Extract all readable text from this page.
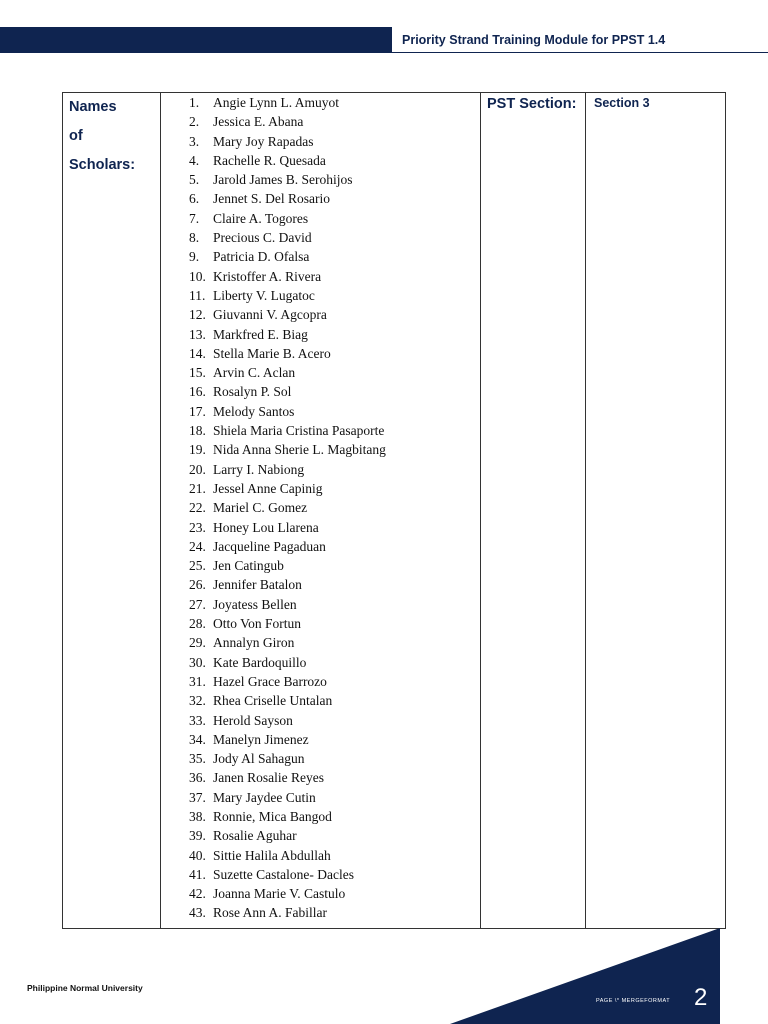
Priority Strand Training Module for PPST 1.4
Names
of
Scholars:

1. Angie Lynn L. Amuyot
2. Jessica E. Abana
3. Mary Joy Rapadas
4. Rachelle R. Quesada
5. Jarold James B. Serohijos
6. Jennet S. Del Rosario
7. Claire A. Togores
8. Precious C. David
9. Patricia D. Ofalsa
10. Kristoffer A. Rivera
11. Liberty V. Lugatoc
12. Giuvanni V. Agcopra
13. Markfred E. Biag
14. Stella Marie B. Acero
15. Arvin C. Aclan
16. Rosalyn P. Sol
17. Melody Santos
18. Shiela Maria Cristina Pasaporte
19. Nida Anna Sherie L. Magbitang
20. Larry I. Nabiong
21. Jessel Anne Capinig
22. Mariel C. Gomez
23. Honey Lou Llarena
24. Jacqueline Pagaduan
25. Jen Catingub
26. Jennifer Batalon
27. Joyatess Bellen
28. Otto Von Fortun
29. Annalyn Giron
30. Kate Bardoquillo
31. Hazel Grace Barrozo
32. Rhea Criselle Untalan
33. Herold Sayson
34. Manelyn Jimenez
35. Jody Al Sahagun
36. Janen Rosalie Reyes
37. Mary Jaydee Cutin
38. Ronnie, Mica Bangod
39. Rosalie Aguhar
40. Sittie Halila Abdullah
41. Suzette Castalone- Dacles
42. Joanna Marie V. Castulo
43. Rose Ann A. Fabillar

PST Section:	Section 3
Philippine Normal University
PAGE \* MERGEFORMAT 2
